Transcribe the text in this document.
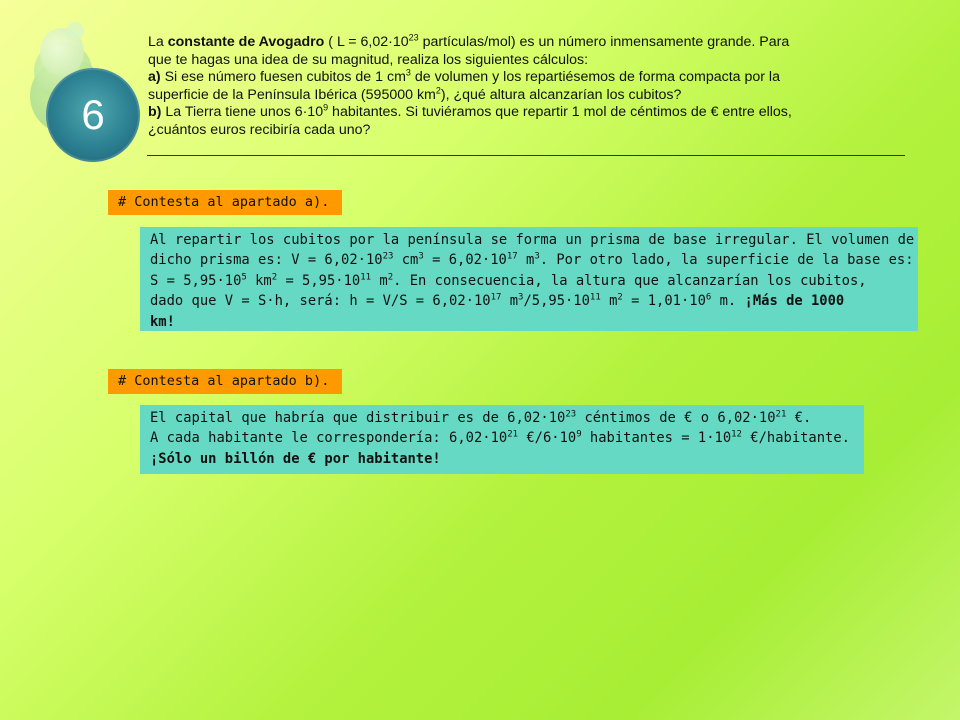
6
La constante de Avogadro ( $L = 6,02\cdot 10^{23}$ partículas/mol) es un número inmensamente grande. Para
que te hagas una idea de su magnitud, realiza los siguientes cálculos:
a) Si ese número fuesen cubitos de 1 $cm^3$ de volumen y los repartiésemos de forma compacta por la
superficie de la Península Ibérica (595000 $km^2$), ¿qué altura alcanzarían los cubitos?
b) La Tierra tiene unos $6\cdot 10^9$ habitantes. Si tuviéramos que repartir 1 mol de céntimos de € entre ellos,
¿cuántos euros recibiría cada uno?
# Contesta al apartado a).
Al repartir los cubitos por la península se forma un prisma de base irregular. El volumen de
dicho prisma es: $V = 6,02\cdot 10^{23}$ $cm^3 = 6,02\cdot 10^{17}$ $m^3$. Por otro lado, la superficie de la base es:
$S = 5,95\cdot 10^5$ $km^2 = 5,95\cdot 10^{11}$ $m^2$. En consecuencia, la altura que alcanzarían los cubitos,
dado que V = S·h, será: $h = V/S = 6,02\cdot 10^{17}$ $m^3/5,95\cdot 10^{11}$ $m^2 = 1,01\cdot 10^6$ m. ¡Más de 1000
km!
# Contesta al apartado b).
El capital que habría que distribuir es de $6,02\cdot 10^{23}$ céntimos de € o $6,02\cdot 10^{21}$ €.
A cada habitante le correspondería: $6,02\cdot 10^{21}$ $€/6\cdot 10^9$ habitantes = $1\cdot 10^{12}$ €/habitante.
¡Sólo un billón de € por habitante!
